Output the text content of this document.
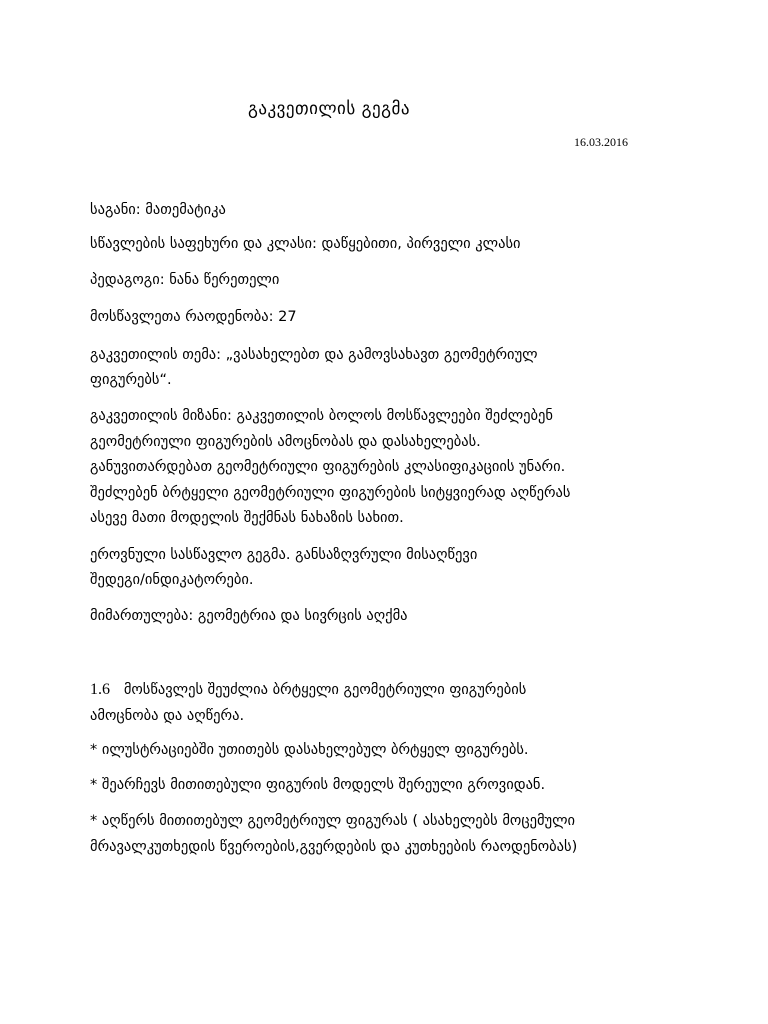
გაკვეთილის გეგმა
16.03.2016
საგანი: მათემატიკა
სწავლების საფეხური და კლასი: დაწყებითი, პირველი კლასი
პედაგოგი: ნანა წერეთელი
მოსწავლეთა რაოდენობა: 27
გაკვეთილის თემა: „ვასახელებთ და გამოვსახავთ გეომეტრიულ
ფიგურებს“.
გაკვეთილის მიზანი: გაკვეთილის ბოლოს მოსწავლეები შეძლებენ
გეომეტრიული ფიგურების ამოცნობას და დასახელებას.
განუვითარდებათ გეომეტრიული ფიგურების კლასიფიკაციის უნარი.
შეძლებენ ბრტყელი გეომეტრიული ფიგურების სიტყვიერად აღწერას
ასევე მათი მოდელის შექმნას ნახაზის სახით.
ეროვნული სასწავლო გეგმა. განსაზღვრული მისაღწევი
შედეგი/ინდიკატორები.
მიმართულება: გეომეტრია და სივრცის აღქმა
1.6 მოსწავლეს შეუძლია ბრტყელი გეომეტრიული ფიგურების
ამოცნობა და აღწერა.
* ილუსტრაციებში უთითებს დასახელებულ ბრტყელ ფიგურებს.
* შეარჩევს მითითებული ფიგურის მოდელს შერეული გროვიდან.
* აღწერს მითითებულ გეომეტრიულ ფიგურას ( ასახელებს მოცემული
მრავალკუთხედის წვეროების,გვერდების და კუთხეების რაოდენობას)
